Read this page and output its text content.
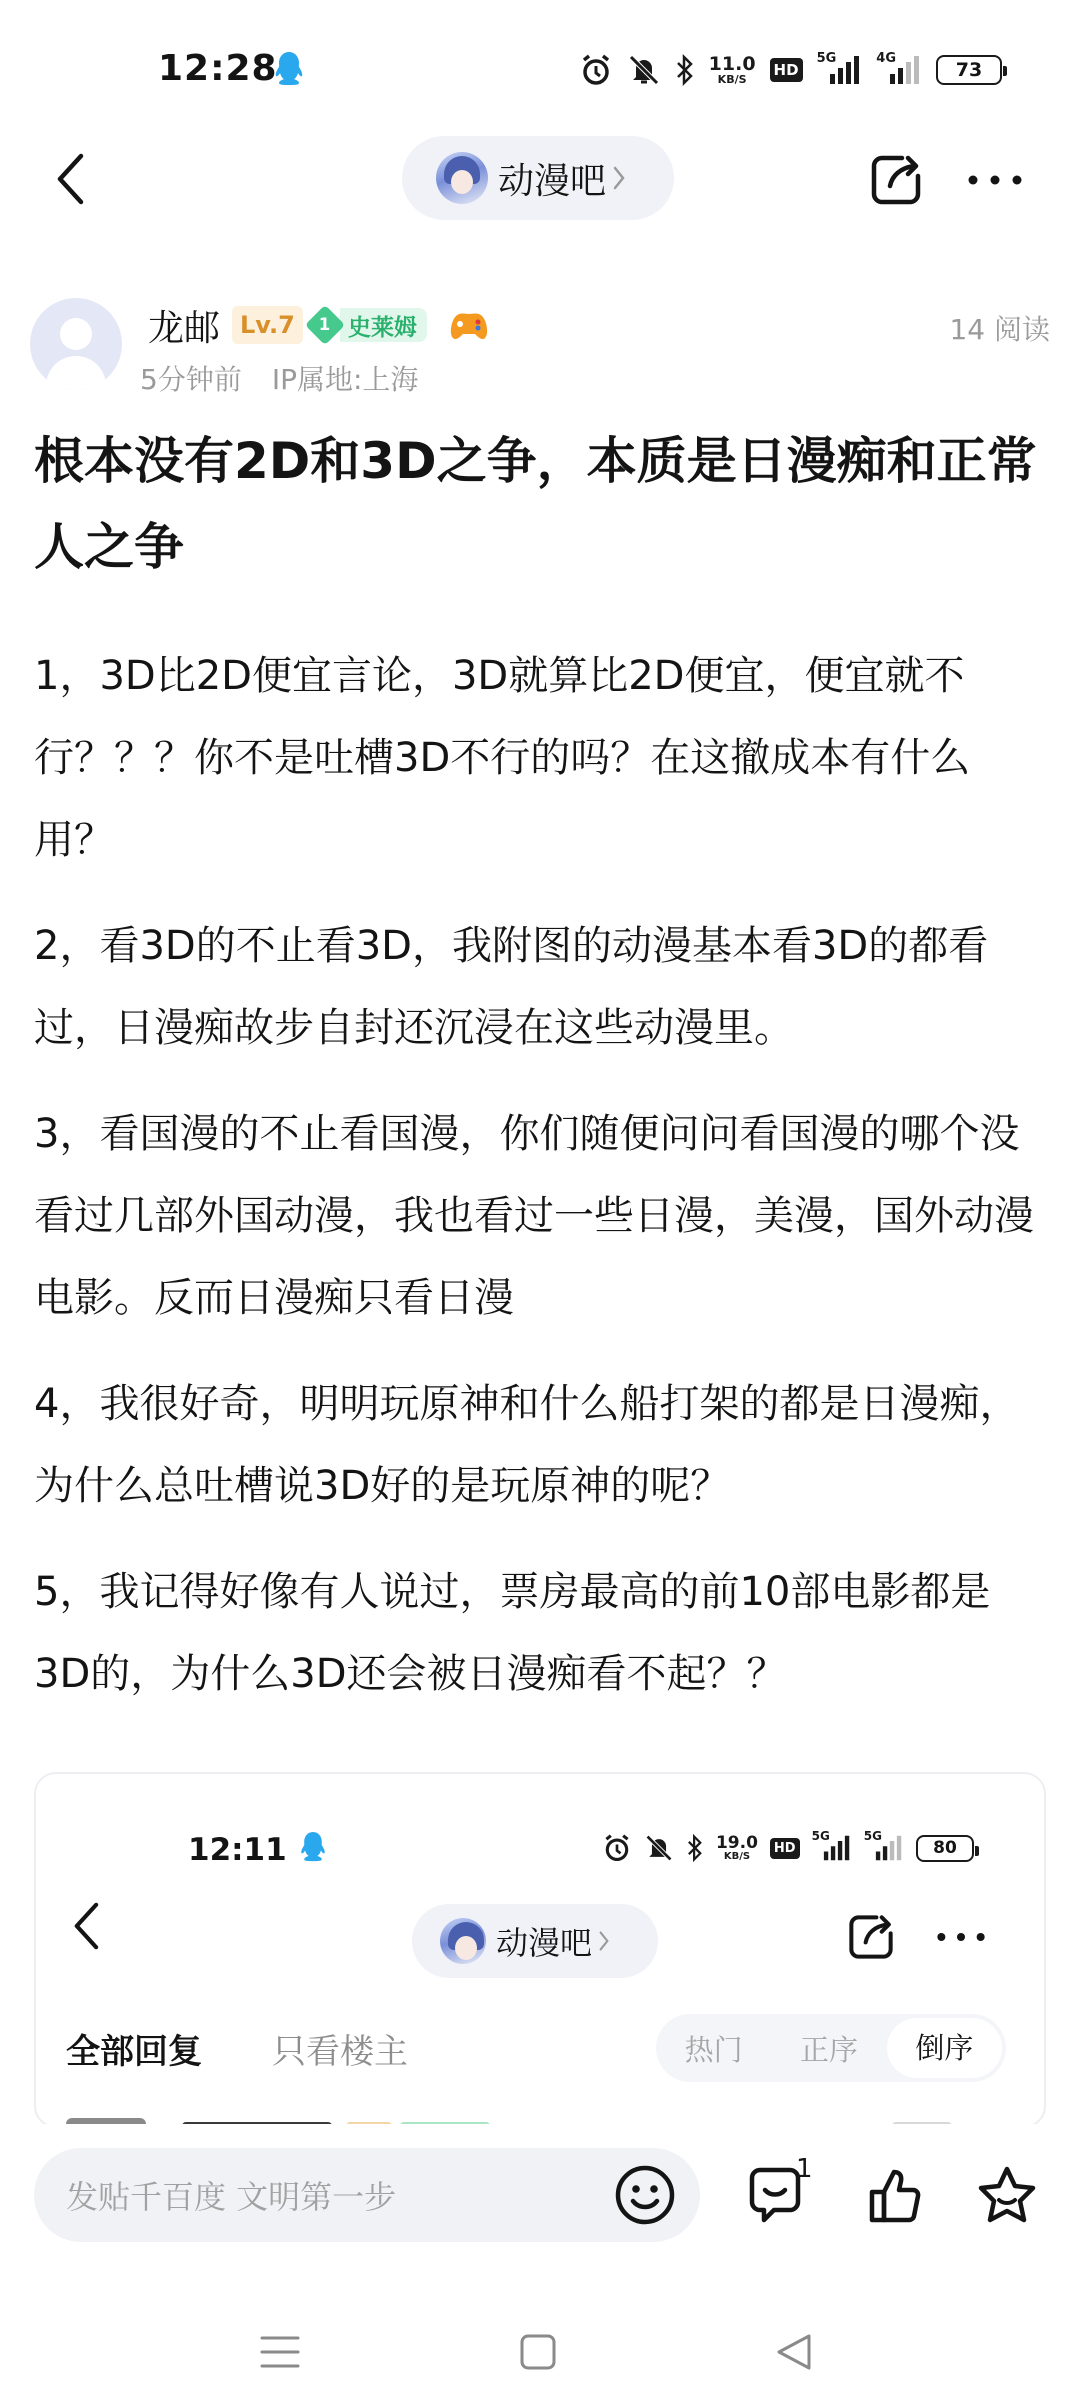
12:28	11.0
KB/S
HD
5G	4G
73
动漫吧
龙邮 Lv.7	1 史莱姆
5分钟前 IP属地:上海
14 阅读
根本没有2D和3D之争，本质是日漫痴和正常人之争

1，3D比2D便宜言论，3D就算比2D便宜，便宜就不行？？？你不是吐槽3D不行的吗？在这撤成本有什么用？

2，看3D的不止看3D，我附图的动漫基本看3D的都看过，日漫痴故步自封还沉浸在这些动漫里。

3，看国漫的不止看国漫，你们随便问问看国漫的哪个没看过几部外国动漫，我也看过一些日漫，美漫，国外动漫电影。反而日漫痴只看日漫

4，我很好奇，明明玩原神和什么船打架的都是日漫痴，为什么总吐槽说3D好的是玩原神的呢？

5，我记得好像有人说过，票房最高的前10部电影都是3D的，为什么3D还会被日漫痴看不起？？

12:11	19.0
KB/S
HD
5G	5G
80
动漫吧
全部回复 只看楼主	热门	正序	倒序
发贴千百度 文明第一步
1
